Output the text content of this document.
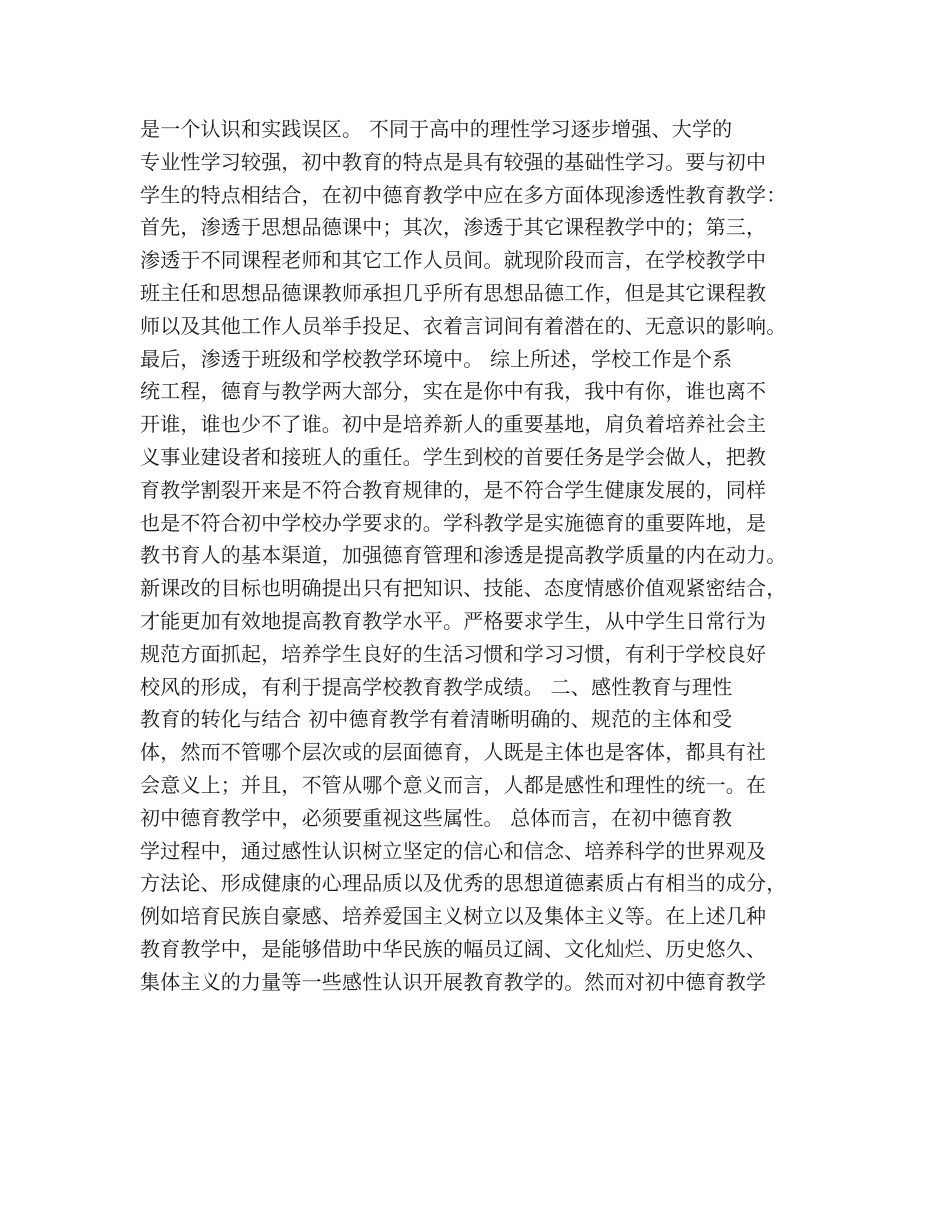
是一个认识和实践误区。 不同于高中的理性学习逐步增强、大学的
专业性学习较强，初中教育的特点是具有较强的基础性学习。要与初中
学生的特点相结合，在初中德育教学中应在多方面体现渗透性教育教学：
首先，渗透于思想品德课中；其次，渗透于其它课程教学中的；第三，
渗透于不同课程老师和其它工作人员间。就现阶段而言，在学校教学中
班主任和思想品德课教师承担几乎所有思想品德工作，但是其它课程教
师以及其他工作人员举手投足、衣着言词间有着潜在的、无意识的影响。
最后，渗透于班级和学校教学环境中。 综上所述，学校工作是个系
统工程，德育与教学两大部分，实在是你中有我，我中有你，谁也离不
开谁，谁也少不了谁。初中是培养新人的重要基地，肩负着培养社会主
义事业建设者和接班人的重任。学生到校的首要任务是学会做人，把教
育教学割裂开来是不符合教育规律的，是不符合学生健康发展的，同样
也是不符合初中学校办学要求的。学科教学是实施德育的重要阵地，是
教书育人的基本渠道，加强德育管理和渗透是提高教学质量的内在动力。
新课改的目标也明确提出只有把知识、技能、态度情感价值观紧密结合，
才能更加有效地提高教育教学水平。严格要求学生，从中学生日常行为
规范方面抓起，培养学生良好的生活习惯和学习习惯，有利于学校良好
校风的形成，有利于提高学校教育教学成绩。 二、感性教育与理性
教育的转化与结合 初中德育教学有着清晰明确的、规范的主体和受
体，然而不管哪个层次或的层面德育，人既是主体也是客体，都具有社
会意义上；并且，不管从哪个意义而言，人都是感性和理性的统一。在
初中德育教学中，必须要重视这些属性。 总体而言，在初中德育教
学过程中，通过感性认识树立坚定的信心和信念、培养科学的世界观及
方法论、形成健康的心理品质以及优秀的思想道德素质占有相当的成分，
例如培育民族自豪感、培养爱国主义树立以及集体主义等。在上述几种
教育教学中，是能够借助中华民族的幅员辽阔、文化灿烂、历史悠久、
集体主义的力量等一些感性认识开展教育教学的。然而对初中德育教学
